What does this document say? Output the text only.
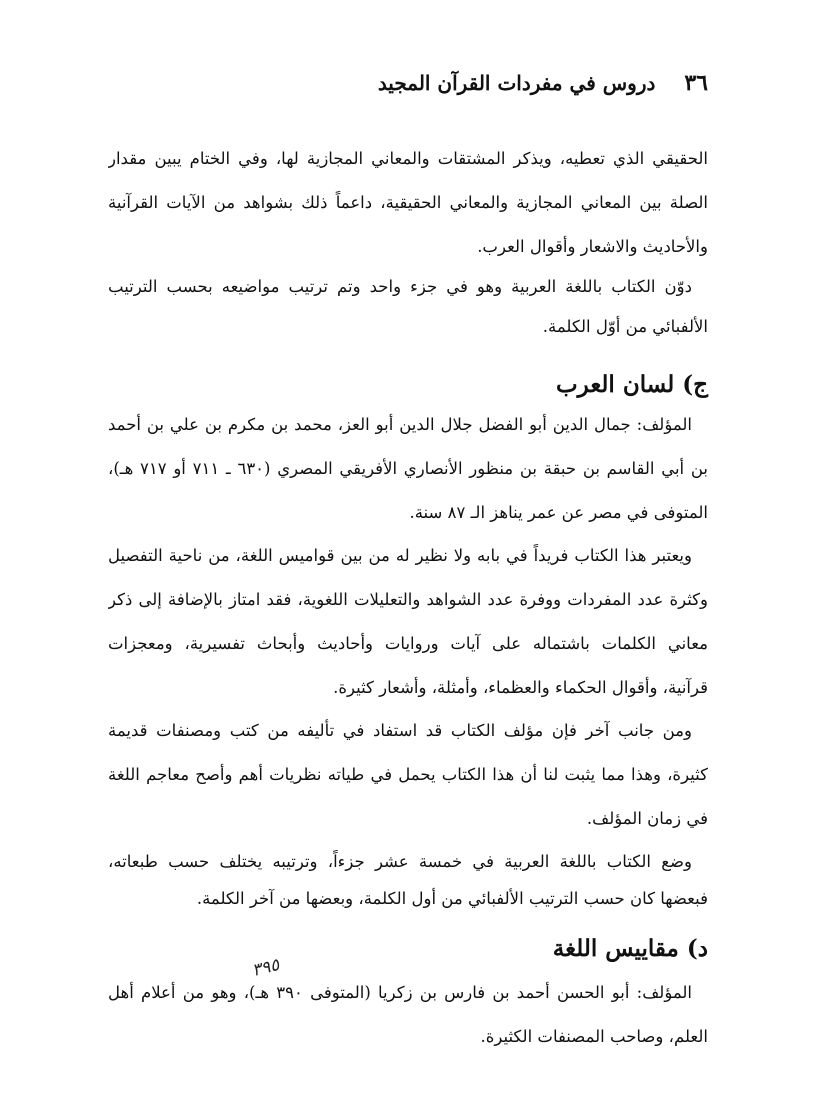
٣٦ دروس في مفردات القرآن المجيد
الحقيقي الذي تعطيه، ويذكر المشتقات والمعاني المجازية لها، وفي الختام يبين مقدار
الصلة بين المعاني المجازية والمعاني الحقيقية، داعماً ذلك بشواهد من الآيات القرآنية
والأحاديث والاشعار وأقوال العرب.
دوّن الكتاب باللغة العربية وهو في جزء واحد وتم ترتيب مواضيعه بحسب الترتيب
الألفبائي من أوّل الكلمة.
ج) لسان العرب
المؤلف: جمال الدين أبو الفضل جلال الدين أبو العز، محمد بن مكرم بن علي بن أحمد
بن أبي القاسم بن حبقة بن منظور الأنصاري الأفريقي المصري (٦٣٠ ـ ٧١١ أو ٧١٧ هـ)،
المتوفى في مصر عن عمر يناهز الـ ٨٧ سنة.
ويعتبر هذا الكتاب فريداً في بابه ولا نظير له من بين قواميس اللغة، من ناحية التفصيل
وكثرة عدد المفردات ووفرة عدد الشواهد والتعليلات اللغوية، فقد امتاز بالإضافة إلى ذكر
معاني الكلمات باشتماله على آيات وروايات وأحاديث وأبحاث تفسيرية، ومعجزات
قرآنية، وأقوال الحكماء والعظماء، وأمثلة، وأشعار كثيرة.
ومن جانب آخر فإن مؤلف الكتاب قد استفاد في تأليفه من كتب ومصنفات قديمة
كثيرة، وهذا مما يثبت لنا أن هذا الكتاب يحمل في طياته نظريات أهم وأصح معاجم اللغة
في زمان المؤلف.
وضع الكتاب باللغة العربية في خمسة عشر جزءاً، وترتيبه يختلف حسب طبعاته،
فبعضها كان حسب الترتيب الألفبائي من أول الكلمة، وبعضها من آخر الكلمة.
د) مقاييس اللغة
المؤلف: أبو الحسن أحمد بن فارس بن زكريا (المتوفى ٣٩٠ هـ)، وهو من أعلام أهل
العلم، وصاحب المصنفات الكثيرة.
٣٩٥
